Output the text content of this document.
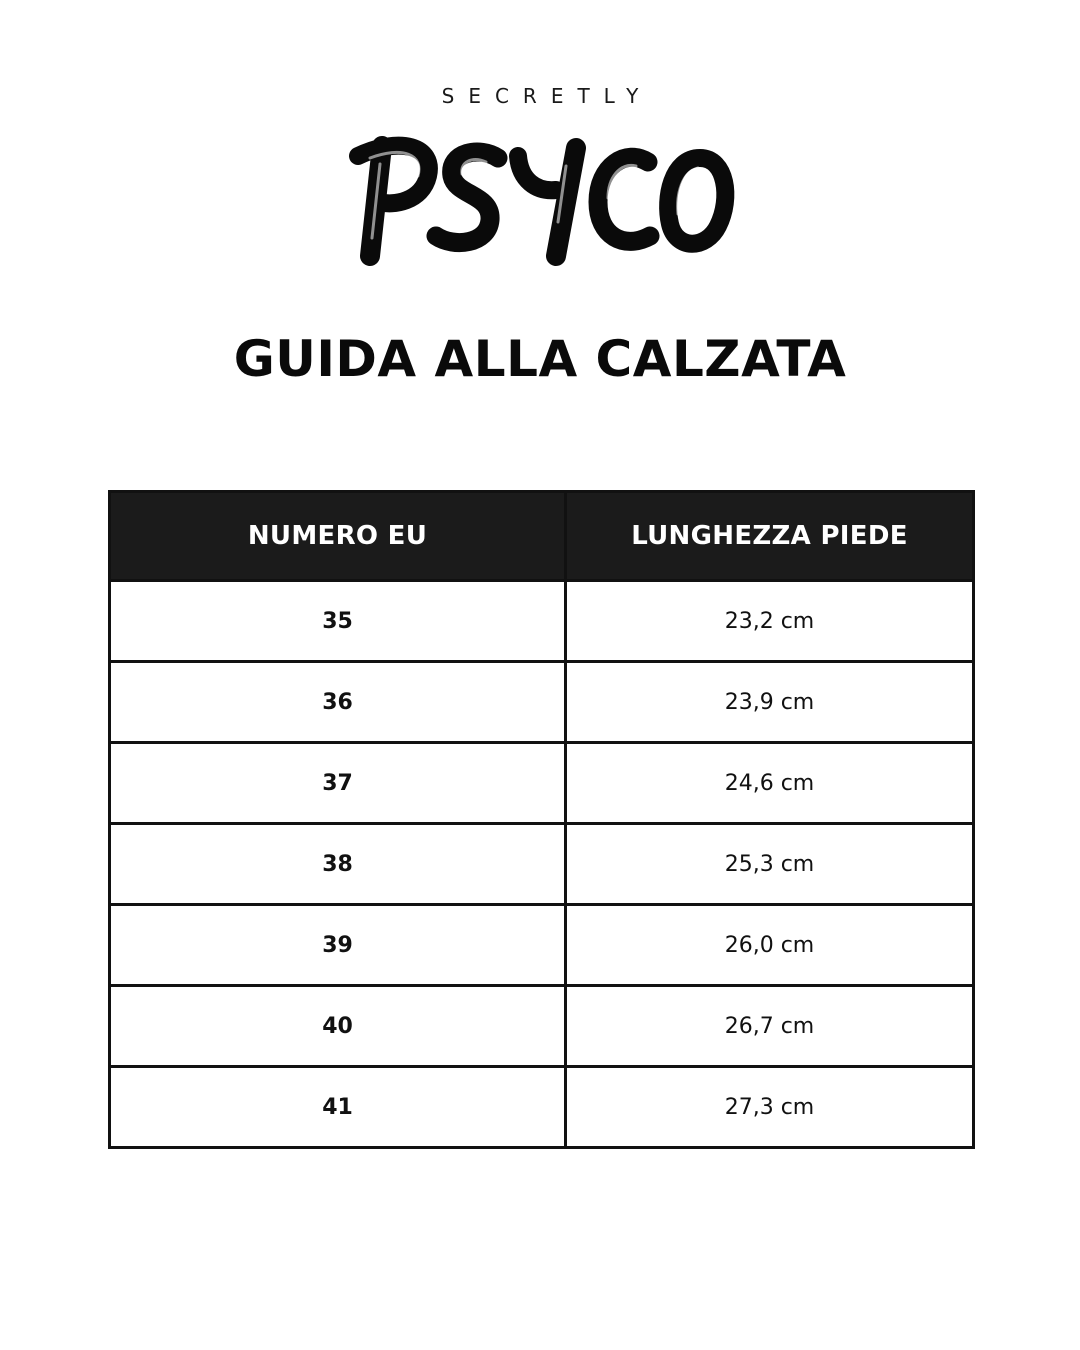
SECRETLY
GUIDA ALLA CALZATA
NUMERO EU	LUNGHEZZA PIEDE
35	23,2 cm
36	23,9 cm
37	24,6 cm
38	25,3 cm
39	26,0 cm
40	26,7 cm
41	27,3 cm
